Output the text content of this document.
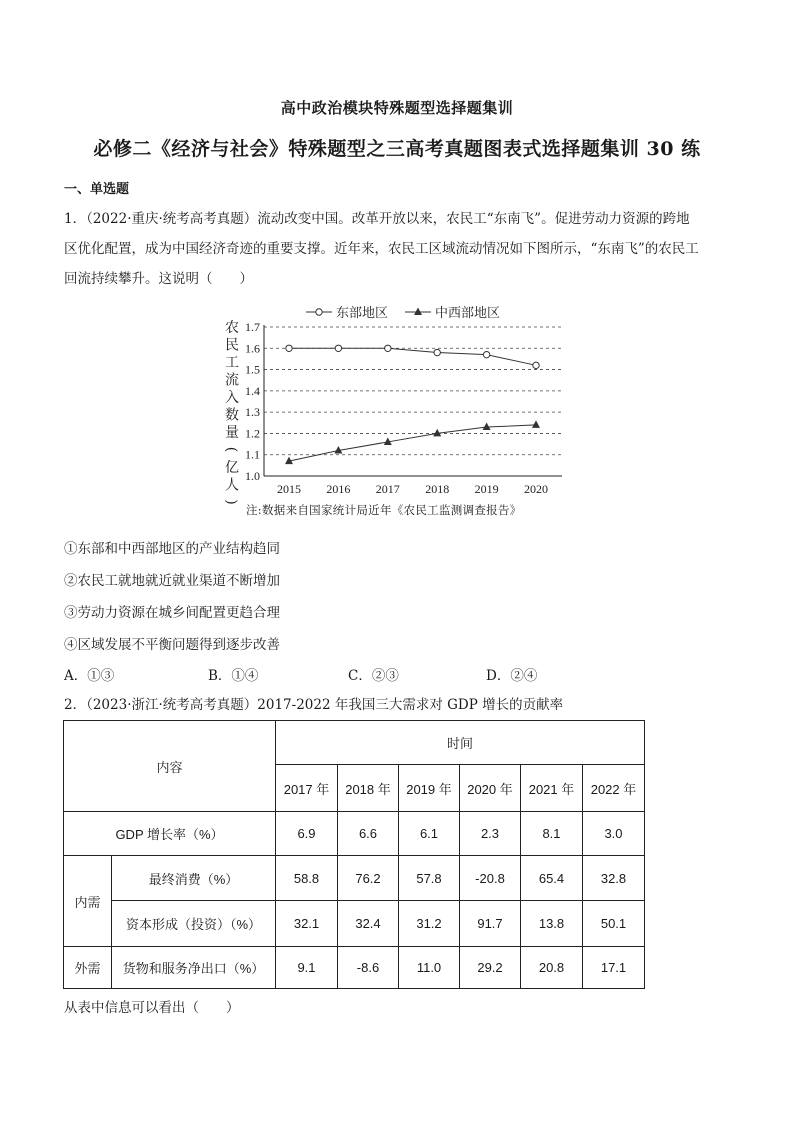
高中政治模块特殊题型选择题集训
必修二《经济与社会》特殊题型之三高考真题图表式选择题集训 30 练
一、单选题
1．（2022·重庆·统考高考真题）流动改变中国。改革开放以来，农民工“东南飞”。促进劳动力资源的跨地
区优化配置，成为中国经济奇迹的重要支撑。近年来，农民工区域流动情况如下图所示，“东南飞”的农民工
回流持续攀升。这说明（　　）
1.0
1.1
1.2
1.3
1.4
1.5
1.6
1.7
2015 2016 2017 2018 2019 2020
东部地区	中西部地区
农
民
工
流
入
数
量
(
亿
人
)
注:数据来自国家统计局近年《农民工监测调查报告》
①东部和中西部地区的产业结构趋同
②农民工就地就近就业渠道不断增加
③劳动力资源在城乡间配置更趋合理
④区域发展不平衡问题得到逐步改善
A．①③	B．①④	C．②③	D．②④
2．（2023·浙江·统考高考真题）2017-2022 年我国三大需求对 GDP 增长的贡献率
内容		时间					
		2017 年	2018 年	2019 年	2020 年	2021 年	2022 年
GDP 增长率（%）		6.9	6.6	6.1	2.3	8.1	3.0
内需	最终消费（%）	58.8	76.2	57.8	-20.8	65.4	32.8
	资本形成（投资）（%）	32.1	32.4	31.2	91.7	13.8	50.1
外需	货物和服务净出口（%）	9.1	-8.6	11.0	29.2	20.8	17.1
从表中信息可以看出（　　）
